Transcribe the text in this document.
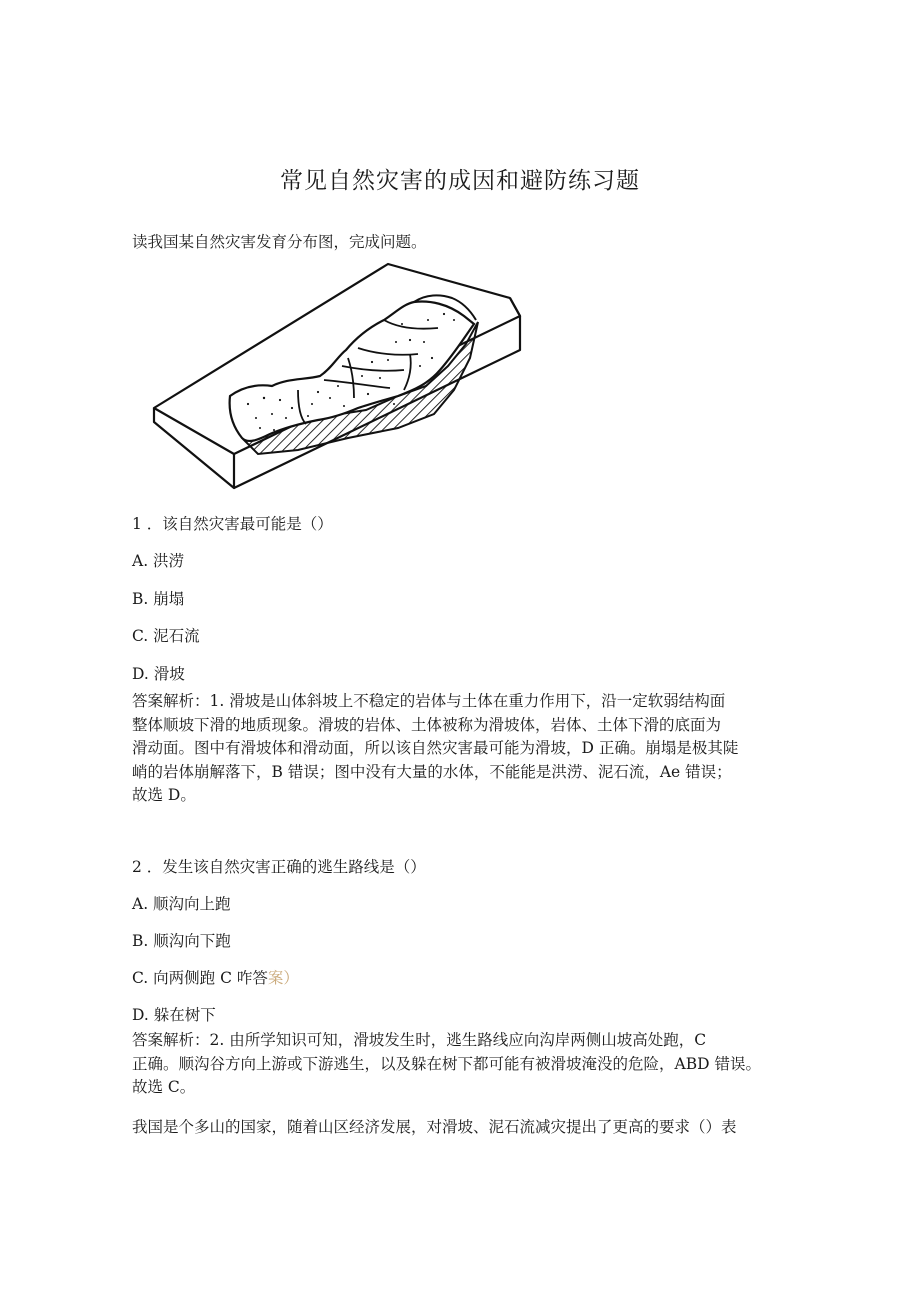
常见自然灾害的成因和避防练习题
读我国某自然灾害发育分布图，完成问题。
1 ．该自然灾害最可能是（）
A. 洪涝
B. 崩塌
C. 泥石流
D. 滑坡
答案解析：1. 滑坡是山体斜坡上不稳定的岩体与土体在重力作用下，沿一定软弱结构面
整体顺坡下滑的地质现象。滑坡的岩体、土体被称为滑坡体，岩体、土体下滑的底面为
滑动面。图中有滑坡体和滑动面，所以该自然灾害最可能为滑坡，D 正确。崩塌是极其陡
峭的岩体崩解落下，B 错误；图中没有大量的水体，不能能是洪涝、泥石流，Ae 错误；
故选 D。
2 ．发生该自然灾害正确的逃生路线是（）
A. 顺沟向上跑
B. 顺沟向下跑
C. 向两侧跑 C 咋答案）
D. 躲在树下
答案解析：2. 由所学知识可知，滑坡发生时，逃生路线应向沟岸两侧山坡高处跑，C
正确。顺沟谷方向上游或下游逃生，以及躲在树下都可能有被滑坡淹没的危险，ABD 错误。
故选 C。
我国是个多山的国家，随着山区经济发展，对滑坡、泥石流减灾提出了更高的要求（）表
